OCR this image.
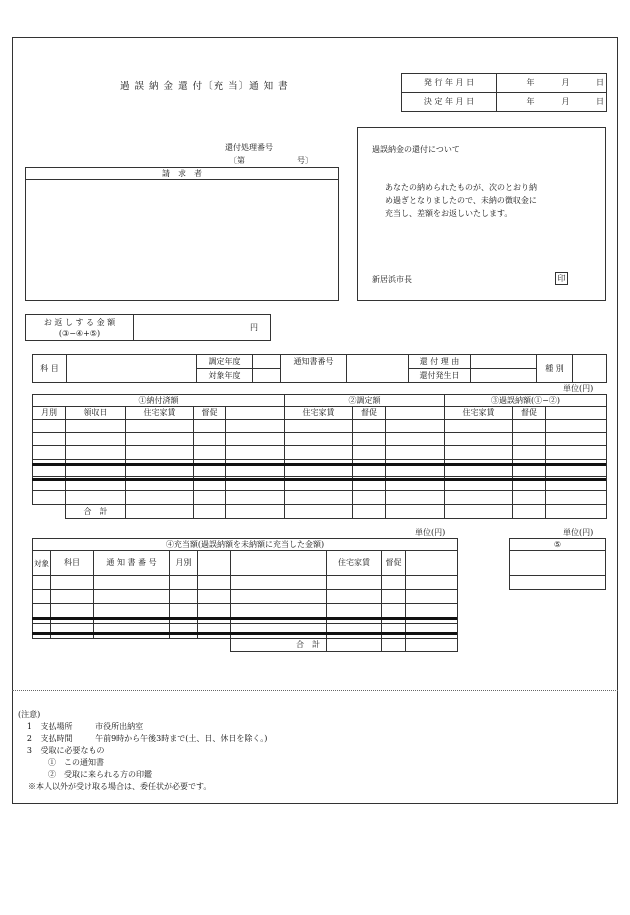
過 誤 納 金 還 付〔充 当〕通 知 書	発 行 年 月 日	年	月	日
決 定 年 月 日	年	月	日
還付処理番号
〔第	号〕
請　求　者
過誤納金の還付について
あなたの納められたものが、次のとおり納
め過ぎとなりましたので、未納の徴収金に
充当し、差額をお返しいたします。
新居浜市長	印
お 返 し す る 金 額
(③−④+⑤)
	円
科 目		調定年度		通知書番号		還 付 理 由		種 別	
		対象年度				還付発生日			
単位(円)
①納付済額					②調定額			③過誤納額(①−②)		
月別	領収日	住宅家賃	督促		住宅家賃	督促		住宅家賃	督促	

	合　計									
単位(円)	単位(円)
④充当額(過誤納額を未納額に充当した金額)								
対象	科目	通 知 書 番 号	月別			住宅家賃	督促	

					合　計			
⑤

(注意)
1 支払場所	市役所出納室
2 支払時間	午前9時から午後3時まで(土、日、休日を除く。)
3 受取に必要なもの
①　この通知書
②　受取に来られる方の印鑑
※本人以外が受け取る場合は、委任状が必要です。
